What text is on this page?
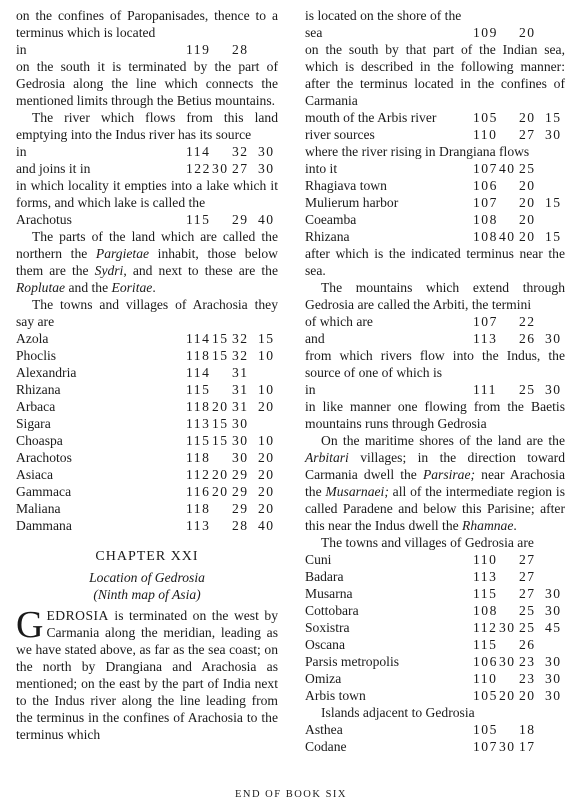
on the confines of Paropanisades, thence to a terminus which is located

in	119		28	

on the south it is terminated by the part of Gedrosia along the line which connects the mentioned limits through the Betius mountains.

The river which flows from this land emptying into the Indus river has its source

in	114		32	30
and joins it in	122	30	27	30

in which locality it empties into a lake which it forms, and which lake is called the

Arachotus	115		29	40

The parts of the land which are called the northern the Pargietae inhabit, those below them are the Sydri, and next to these are the Roplutae and the Eoritae.

The towns and villages of Arachosia they say are

Azola	114	15	32	15
Phoclis	118	15	32	10
Alexandria	114		31	
Rhizana	115		31	10
Arbaca	118	20	31	20
Sigara	113	15	30	
Choaspa	115	15	30	10
Arachotos	118		30	20
Asiaca	112	20	29	20
Gammaca	116	20	29	20
Maliana	118		29	20
Dammana	113		28	40
CHAPTER XXI
Location of Gedrosia
(Ninth map of Asia)

GEDROSIA is terminated on the west by Carmania along the meridian, leading as we have stated above, as far as the sea coast; on the north by Drangiana and Arachosia as mentioned; on the east by the part of India next to the Indus river along the line leading from the terminus in the confines of Arachosia to the terminus which

is located on the shore of the

sea	109		20	

on the south by that part of the Indian sea, which is described in the following manner: after the terminus located in the confines of Carmania

mouth of the Arbis river	105		20	15
river sources	110		27	30

where the river rising in Drangiana flows

into it	107	40	25	
Rhagiava town	106		20	
Mulierum harbor	107		20	15
Coeamba	108		20	
Rhizana	108	40	20	15

after which is the indicated terminus near the sea.

The mountains which extend through Gedrosia are called the Arbiti, the termini

of which are	107		22	
and	113		26	30

from which rivers flow into the Indus, the source of one of which is

in	111		25	30

in like manner one flowing from the Baetis mountains runs through Gedrosia

On the maritime shores of the land are the Arbitari villages; in the direction toward Carmania dwell the Parsirae; near Arachosia the Musarnaei; all of the intermediate region is called Paradene and below this Parisine; after this near the Indus dwell the Rhamnae.

The towns and villages of Gedrosia are

Cuni	110		27	
Badara	113		27	
Musarna	115		27	30
Cottobara	108		25	30
Soxistra	112	30	25	45
Oscana	115		26	
Parsis metropolis	106	30	23	30
Omiza	110		23	30
Arbis town	105	20	20	30
Islands adjacent to Gedrosia
Asthea	105		18	
Codane	107	30	17	
END OF BOOK SIX
